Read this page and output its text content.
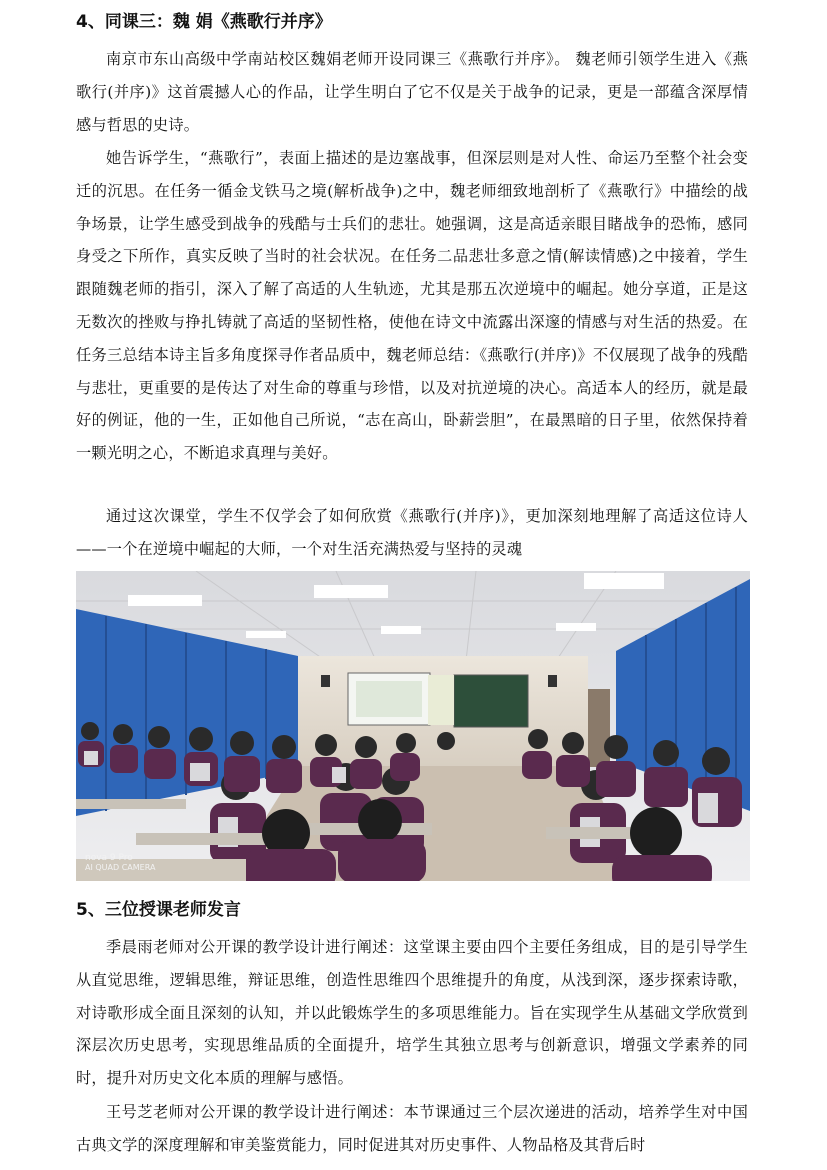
4、同课三：魏 娟《燕歌行并序》

南京市东山高级中学南站校区魏娟老师开设同课三《燕歌行并序》。 魏老师引领学生进入《燕歌行(并序)》这首震撼人心的作品，让学生明白了它不仅是关于战争的记录，更是一部蕴含深厚情感与哲思的史诗。

她告诉学生，“燕歌行”，表面上描述的是边塞战事，但深层则是对人性、命运乃至整个社会变迁的沉思。在任务一循金戈铁马之境(解析战争)之中，魏老师细致地剖析了《燕歌行》中描绘的战争场景，让学生感受到战争的残酷与士兵们的悲壮。她强调，这是高适亲眼目睹战争的恐怖，感同身受之下所作，真实反映了当时的社会状况。在任务二品悲壮多意之情(解读情感)之中接着，学生跟随魏老师的指引，深入了解了高适的人生轨迹，尤其是那五次逆境中的崛起。她分享道，正是这无数次的挫败与挣扎铸就了高适的坚韧性格，使他在诗文中流露出深邃的情感与对生活的热爱。在任务三总结本诗主旨多角度探寻作者品质中，魏老师总结：《燕歌行(并序)》不仅展现了战争的残酷与悲壮，更重要的是传达了对生命的尊重与珍惜，以及对抗逆境的决心。高适本人的经历，就是最好的例证，他的一生，正如他自己所说，“志在高山，卧薪尝胆”，在最黑暗的日子里，依然保持着一颗光明之心，不断追求真理与美好。

通过这次课堂，学生不仅学会了如何欣赏《燕歌行(并序)》，更加深刻地理解了高适这位诗人——一个在逆境中崛起的大师，一个对生活充满热爱与坚持的灵魂

nova 9 Pro
AI QUAD CAMERA
5、三位授课老师发言

季晨雨老师对公开课的教学设计进行阐述：这堂课主要由四个主要任务组成，目的是引导学生从直觉思维，逻辑思维，辩证思维，创造性思维四个思维提升的角度，从浅到深，逐步探索诗歌，对诗歌形成全面且深刻的认知，并以此锻炼学生的多项思维能力。旨在实现学生从基础文学欣赏到深层次历史思考，实现思维品质的全面提升，培学生其独立思考与创新意识，增强文学素养的同时，提升对历史文化本质的理解与感悟。

王号芝老师对公开课的教学设计进行阐述：本节课通过三个层次递进的活动，培养学生对中国古典文学的深度理解和审美鉴赏能力，同时促进其对历史事件、人物品格及其背后时
